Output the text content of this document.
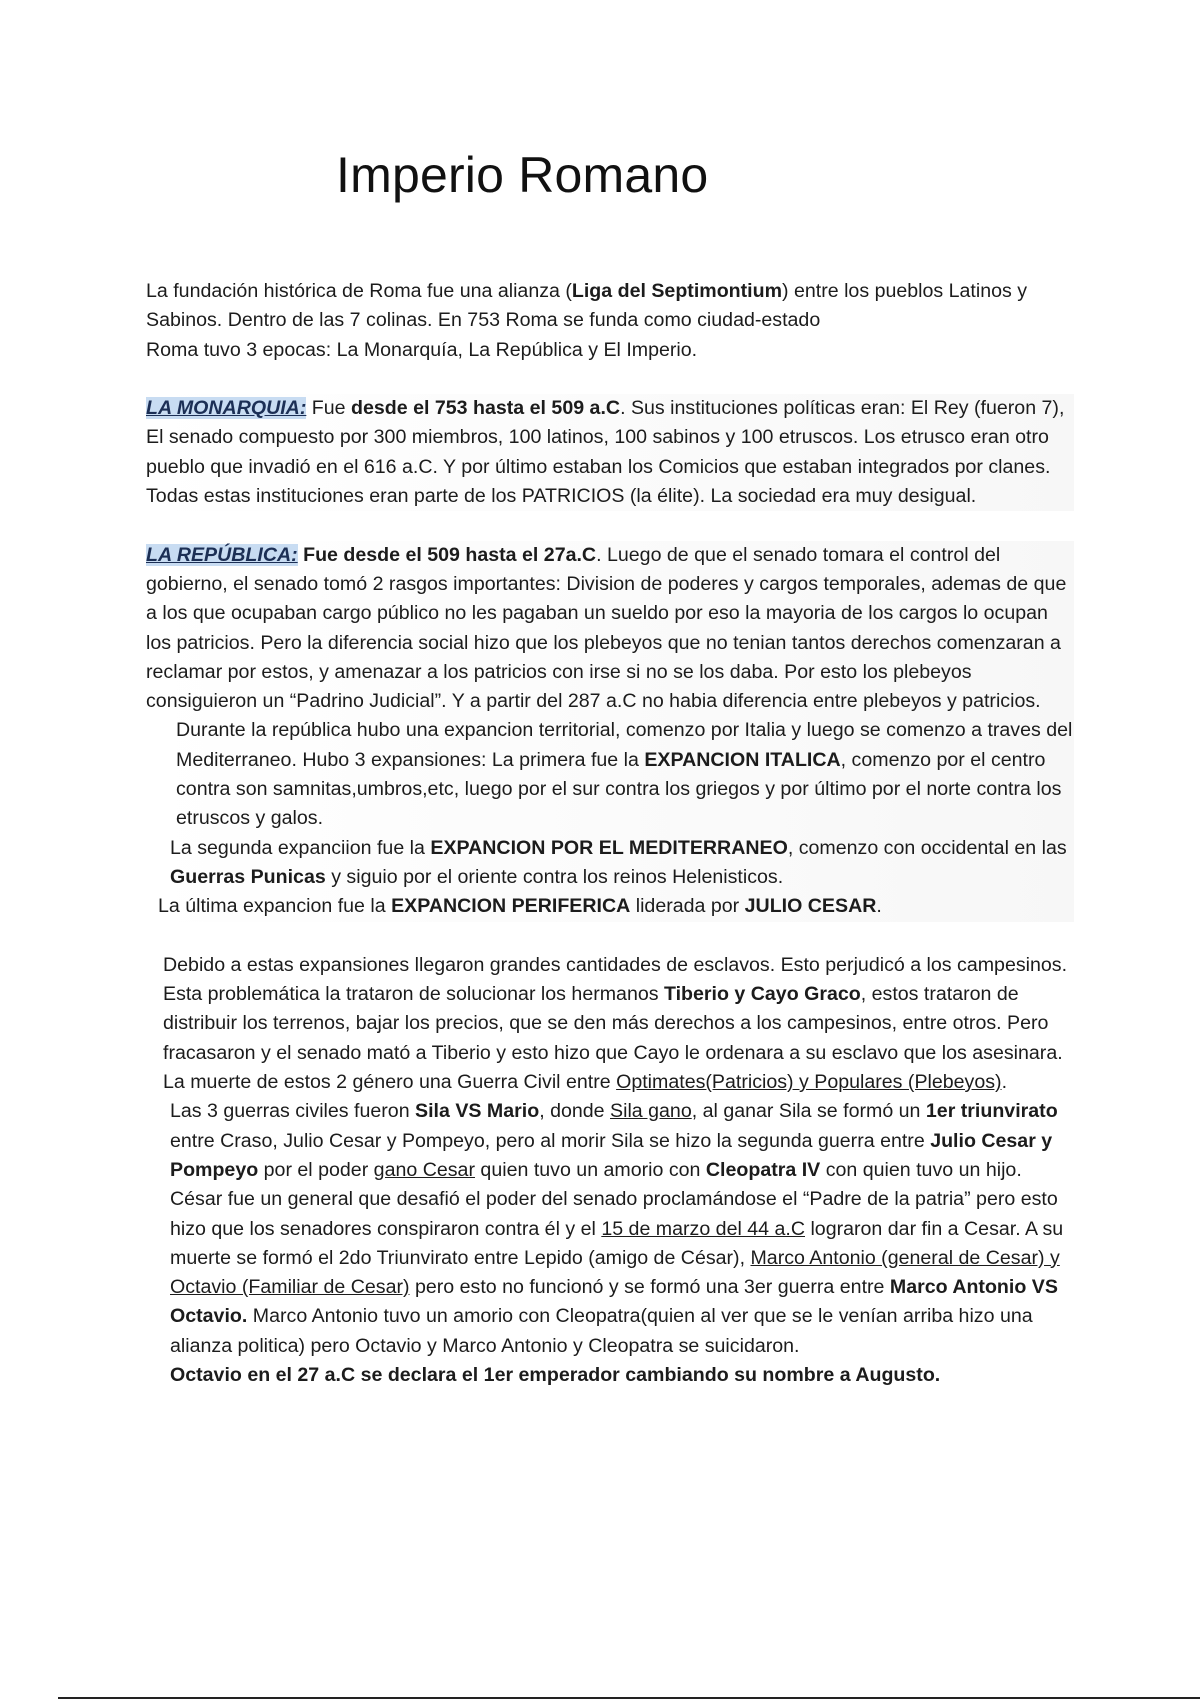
Imperio Romano

La fundación histórica de Roma fue una alianza (Liga del Septimontium) entre los pueblos Latinos y Sabinos. Dentro de las 7 colinas. En 753 Roma se funda como ciudad-estado
Roma tuvo 3 epocas: La Monarquía, La República y El Imperio.

LA MONARQUIA: Fue desde el 753 hasta el 509 a.C. Sus instituciones políticas eran: El Rey (fueron 7), El senado compuesto por 300 miembros, 100 latinos, 100 sabinos y 100 etruscos. Los etrusco eran otro pueblo que invadió en el 616 a.C. Y por último estaban los Comicios que estaban integrados por clanes. Todas estas instituciones eran parte de los PATRICIOS (la élite). La sociedad era muy desigual.

LA REPÚBLICA: Fue desde el 509 hasta el 27a.C. Luego de que el senado tomara el control del gobierno, el senado tomó 2 rasgos importantes: Division de poderes y cargos temporales, ademas de que a los que ocupaban cargo público no les pagaban un sueldo por eso la mayoria de los cargos lo ocupan los patricios. Pero la diferencia social hizo que los plebeyos que no tenian tantos derechos comenzaran a reclamar por estos, y amenazar a los patricios con irse si no se los daba. Por esto los plebeyos consiguieron un “Padrino Judicial”. Y a partir del 287 a.C no habia diferencia entre plebeyos y patricios.

Durante la república hubo una expancion territorial, comenzo por Italia y luego se comenzo a traves del Mediterraneo. Hubo 3 expansiones: La primera fue la EXPANCION ITALICA, comenzo por el centro contra son samnitas,umbros,etc, luego por el sur contra los griegos y por último por el norte contra los etruscos y galos.

La segunda expanciion fue la EXPANCION POR EL MEDITERRANEO, comenzo con occidental en las Guerras Punicas y siguio por el oriente contra los reinos Helenisticos.

La última expancion fue la EXPANCION PERIFERICA liderada por JULIO CESAR.

Debido a estas expansiones llegaron grandes cantidades de esclavos. Esto perjudicó a los campesinos. Esta problemática la trataron de solucionar los hermanos Tiberio y Cayo Graco, estos trataron de distribuir los terrenos, bajar los precios, que se den más derechos a los campesinos, entre otros. Pero fracasaron y el senado mató a Tiberio y esto hizo que Cayo le ordenara a su esclavo que los asesinara. La muerte de estos 2 género una Guerra Civil entre Optimates(Patricios) y Populares (Plebeyos).

Las 3 guerras civiles fueron Sila VS Mario, donde Sila gano, al ganar Sila se formó un 1er triunvirato entre Craso, Julio Cesar y Pompeyo, pero al morir Sila se hizo la segunda guerra entre Julio Cesar y Pompeyo por el poder gano Cesar quien tuvo un amorio con Cleopatra IV con quien tuvo un hijo. César fue un general que desafió el poder del senado proclamándose el “Padre de la patria” pero esto hizo que los senadores conspiraron contra él y el 15 de marzo del 44 a.C lograron dar fin a Cesar. A su muerte se formó el 2do Triunvirato entre Lepido (amigo de César), Marco Antonio (general de Cesar) y Octavio (Familiar de Cesar) pero esto no funcionó y se formó una 3er guerra entre Marco Antonio VS Octavio. Marco Antonio tuvo un amorio con Cleopatra(quien al ver que se le venían arriba hizo una alianza politica) pero Octavio y Marco Antonio y Cleopatra se suicidaron.
Octavio en el 27 a.C se declara el 1er emperador cambiando su nombre a Augusto.
